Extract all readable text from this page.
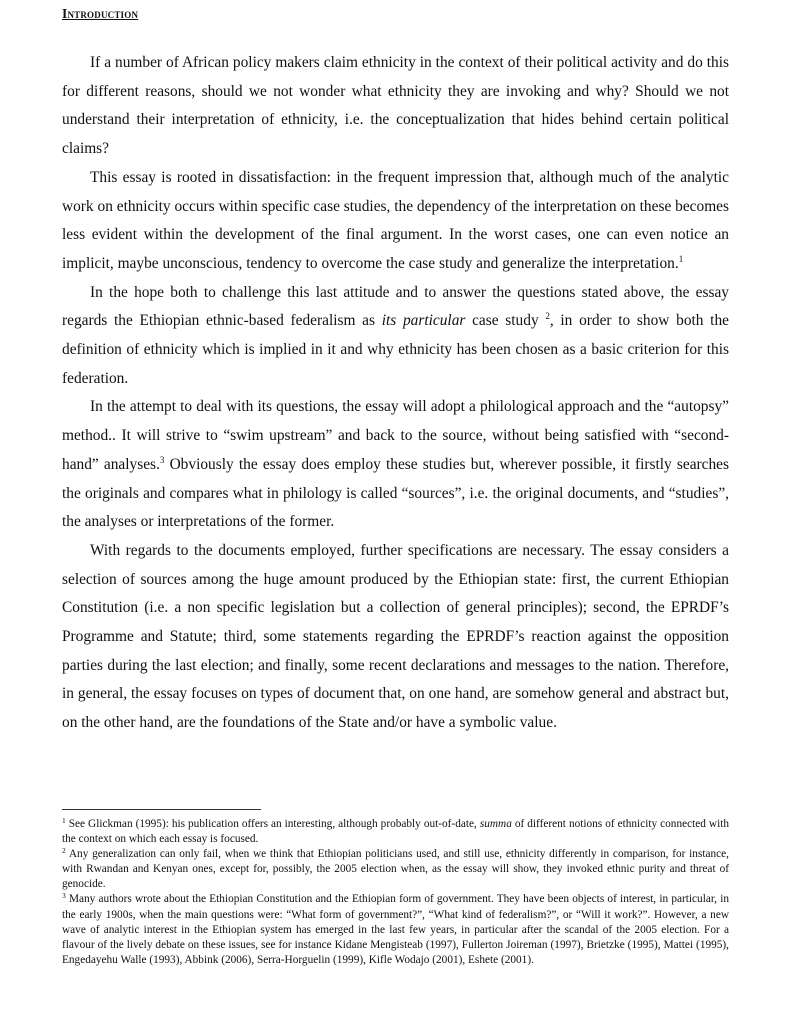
Introduction

If a number of African policy makers claim ethnicity in the context of their political activity and do this for different reasons, should we not wonder what ethnicity they are invoking and why? Should we not understand their interpretation of ethnicity, i.e. the conceptualization that hides behind certain political claims?

This essay is rooted in dissatisfaction: in the frequent impression that, although much of the analytic work on ethnicity occurs within specific case studies, the dependency of the interpretation on these becomes less evident within the development of the final argument. In the worst cases, one can even notice an implicit, maybe unconscious, tendency to overcome the case study and generalize the interpretation.$^1$

In the hope both to challenge this last attitude and to answer the questions stated above, the essay regards the Ethiopian ethnic-based federalism as its particular case study $^2$, in order to show both the definition of ethnicity which is implied in it and why ethnicity has been chosen as a basic criterion for this federation.

In the attempt to deal with its questions, the essay will adopt a philological approach and the “autopsy” method.. It will strive to “swim upstream” and back to the source, without being satisfied with “second-hand” analyses.$^3$ Obviously the essay does employ these studies but, wherever possible, it firstly searches the originals and compares what in philology is called “sources”, i.e. the original documents, and “studies”, the analyses or interpretations of the former.

With regards to the documents employed, further specifications are necessary. The essay considers a selection of sources among the huge amount produced by the Ethiopian state: first, the current Ethiopian Constitution (i.e. a non specific legislation but a collection of general principles); second, the EPRDF’s Programme and Statute; third, some statements regarding the EPRDF’s reaction against the opposition parties during the last election; and finally, some recent declarations and messages to the nation. Therefore, in general, the essay focuses on types of document that, on one hand, are somehow general and abstract but, on the other hand, are the foundations of the State and/or have a symbolic value.

$^1$ See Glickman (1995): his publication offers an interesting, although probably out-of-date, summa of different notions of ethnicity connected with the context on which each essay is focused.

$^2$ Any generalization can only fail, when we think that Ethiopian politicians used, and still use, ethnicity differently in comparison, for instance, with Rwandan and Kenyan ones, except for, possibly, the 2005 election when, as the essay will show, they invoked ethnic purity and threat of genocide.

$^3$ Many authors wrote about the Ethiopian Constitution and the Ethiopian form of government. They have been objects of interest, in particular, in the early 1900s, when the main questions were: “What form of government?”, “What kind of federalism?”, or “Will it work?”. However, a new wave of analytic interest in the Ethiopian system has emerged in the last few years, in particular after the scandal of the 2005 election. For a flavour of the lively debate on these issues, see for instance Kidane Mengisteab (1997), Fullerton Joireman (1997), Brietzke (1995), Mattei (1995), Engedayehu Walle (1993), Abbink (2006), Serra-Horguelin (1999), Kifle Wodajo (2001), Eshete (2001).
